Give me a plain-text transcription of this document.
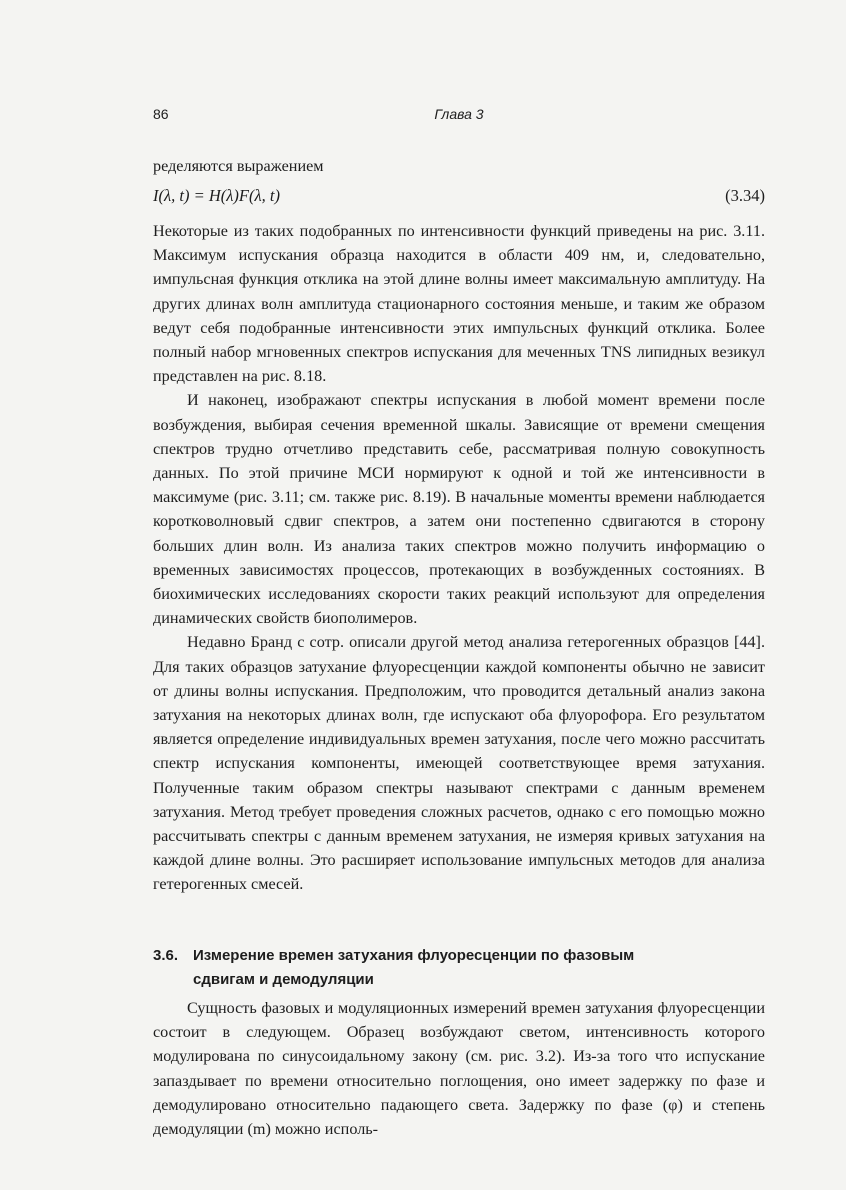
86	Глава 3

ределяются выражением

I(λ, t) = H(λ)F(λ, t)	(3.34)

Некоторые из таких подобранных по интенсивности функций приведены на рис. 3.11. Максимум испускания образца находится в области 409 нм, и, следовательно, импульсная функция отклика на этой длине волны имеет максимальную амплитуду. На других длинах волн амплитуда стационарного состояния меньше, и таким же образом ведут себя подобранные интенсивности этих импульсных функций отклика. Более полный набор мгновенных спектров испускания для меченных TNS липидных везикул представлен на рис. 8.18.

И наконец, изображают спектры испускания в любой момент времени после возбуждения, выбирая сечения временной шкалы. Зависящие от времени смещения спектров трудно отчетливо представить себе, рассматривая полную совокупность данных. По этой причине МСИ нормируют к одной и той же интенсивности в максимуме (рис. 3.11; см. также рис. 8.19). В начальные моменты времени наблюдается коротковолновый сдвиг спектров, а затем они постепенно сдвигаются в сторону больших длин волн. Из анализа таких спектров можно получить информацию о временных зависимостях процессов, протекающих в возбужденных состояниях. В биохимических исследованиях скорости таких реакций используют для определения динамических свойств биополимеров.

Недавно Бранд с сотр. описали другой метод анализа гетерогенных образцов [44]. Для таких образцов затухание флуоресценции каждой компоненты обычно не зависит от длины волны испускания. Предположим, что проводится детальный анализ закона затухания на некоторых длинах волн, где испускают оба флуорофора. Его результатом является определение индивидуальных времен затухания, после чего можно рассчитать спектр испускания компоненты, имеющей соответствующее время затухания. Полученные таким образом спектры называют спектрами с данным временем затухания. Метод требует проведения сложных расчетов, однако с его помощью можно рассчитывать спектры с данным временем затухания, не измеряя кривых затухания на каждой длине волны. Это расширяет использование импульсных методов для анализа гетерогенных смесей.

3.6. Измерение времен затухания флуоресценции по фазовым
сдвигам и демодуляции

Сущность фазовых и модуляционных измерений времен затухания флуоресценции состоит в следующем. Образец возбуждают светом, интенсивность которого модулирована по синусоидальному закону (см. рис. 3.2). Из-за того что испускание запаздывает по времени относительно поглощения, оно имеет задержку по фазе и демодулировано относительно падающего света. Задержку по фазе (φ) и степень демодуляции (m) можно исполь-
